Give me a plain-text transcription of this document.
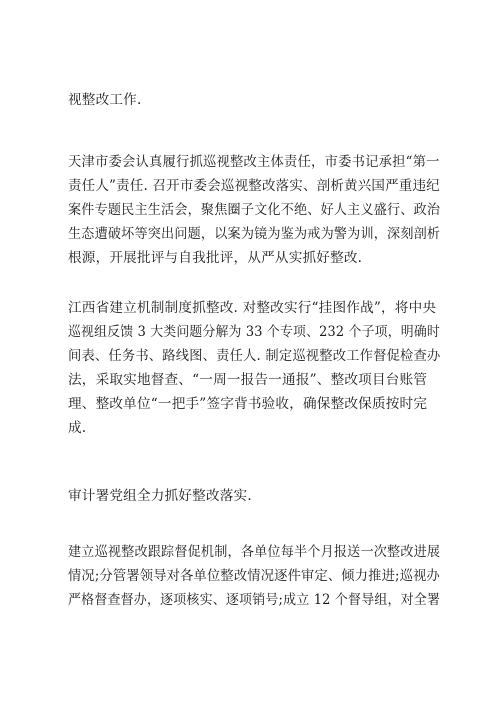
视整改工作.

天津市委会认真履行抓巡视整改主体责任，市委书记承担“第一
责任人”责任. 召开市委会巡视整改落实、剖析黄兴国严重违纪
案件专题民主生活会，聚焦圈子文化不绝、好人主义盛行、政治
生态遭破坏等突出问题，以案为镜为鉴为戒为警为训，深刻剖析
根源，开展批评与自我批评，从严从实抓好整改.

江西省建立机制制度抓整改. 对整改实行“挂图作战”，将中央
巡视组反馈 3 大类问题分解为 33 个专项、232 个子项，明确时
间表、任务书、路线图、责任人. 制定巡视整改工作督促检查办
法，采取实地督查、“一周一报告一通报”、整改项目台账管
理、整改单位“一把手”签字背书验收，确保整改保质按时完
成.

审计署党组全力抓好整改落实.

建立巡视整改跟踪督促机制，各单位每半个月报送一次整改进展
情况;分管署领导对各单位整改情况逐件审定、倾力推进;巡视办
严格督查督办，逐项核实、逐项销号;成立 12 个督导组，对全署
